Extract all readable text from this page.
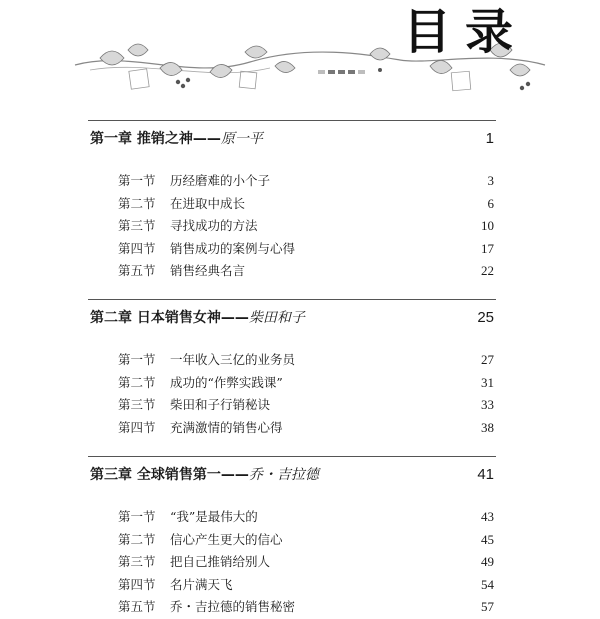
目录
第一章 推销之神——原一平	1
第一节 历经磨难的小个子	3
第二节 在进取中成长	6
第三节 寻找成功的方法	10
第四节 销售成功的案例与心得	17
第五节 销售经典名言	22
第二章 日本销售女神——柴田和子	25
第一节 一年收入三亿的业务员	27
第二节 成功的“作弊实践课”	31
第三节 柴田和子行销秘诀	33
第四节 充满激情的销售心得	38
第三章 全球销售第一——乔・吉拉德	41
第一节 “我”是最伟大的	43
第二节 信心产生更大的信心	45
第三节 把自己推销给别人	49
第四节 名片满天飞	54
第五节 乔・吉拉德的销售秘密	57
